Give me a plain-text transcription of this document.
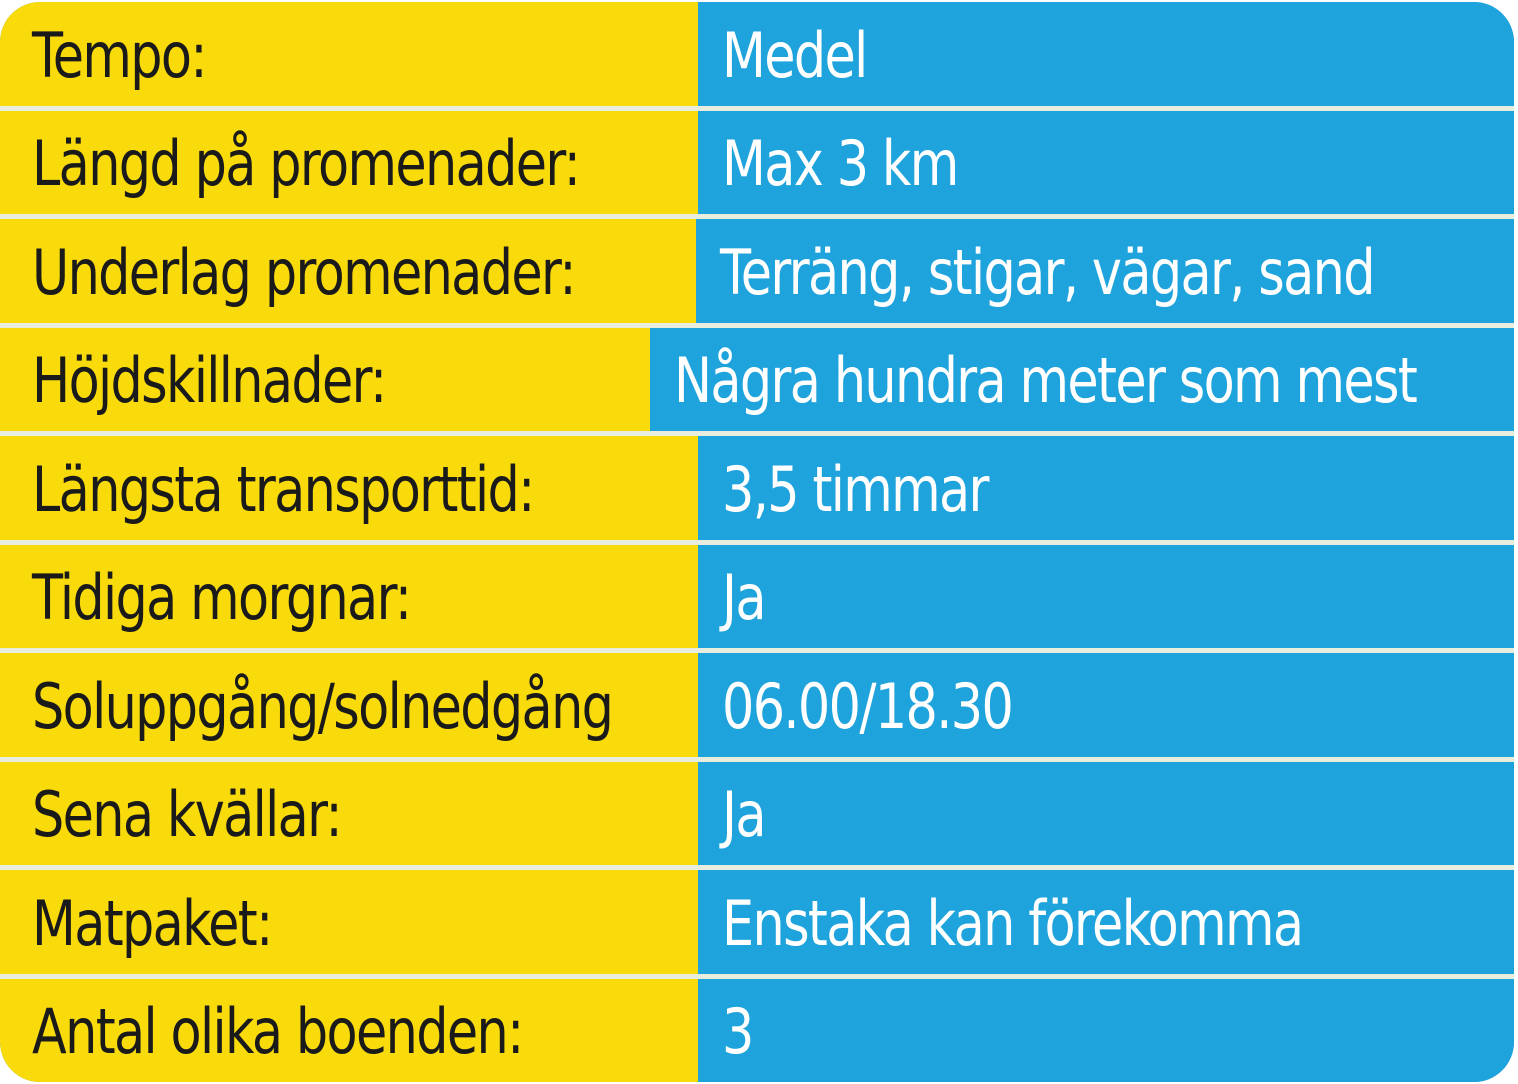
Tempo:	Medel
Längd på promenader: Max 3 km
Underlag promenader: Terräng, stigar, vägar, sand
Höjdskillnader:	Några hundra meter som mest
Längsta transporttid:	3,5 timmar
Tidiga morgnar:	Ja
Soluppgång/solnedgång 06.00/18.30
Sena kvällar:	Ja
Matpaket:	Enstaka kan förekomma
Antal olika boenden:	3
